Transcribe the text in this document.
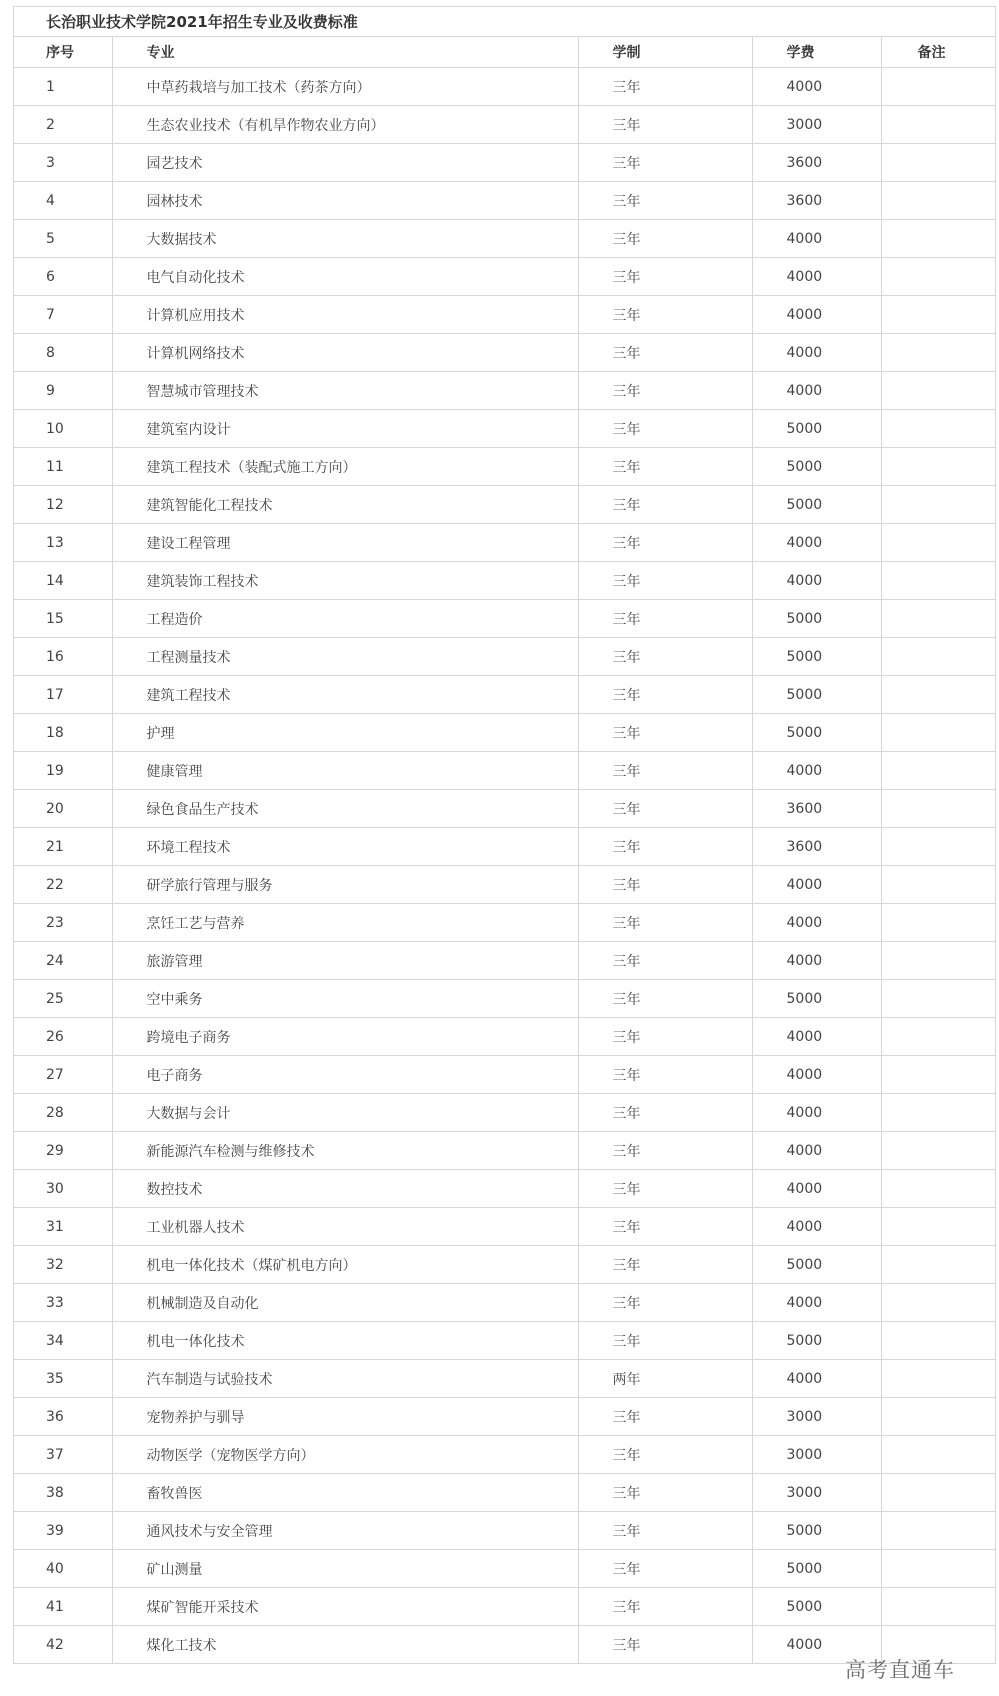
长治职业技术学院2021年招生专业及收费标准
序号	专业	学制	学费	备注
1	中草药栽培与加工技术（药茶方向）	三年	4000	
2	生态农业技术（有机旱作物农业方向）	三年	3000	
3	园艺技术	三年	3600	
4	园林技术	三年	3600	
5	大数据技术	三年	4000	
6	电气自动化技术	三年	4000	
7	计算机应用技术	三年	4000	
8	计算机网络技术	三年	4000	
9	智慧城市管理技术	三年	4000	
10	建筑室内设计	三年	5000	
11	建筑工程技术（装配式施工方向）	三年	5000	
12	建筑智能化工程技术	三年	5000	
13	建设工程管理	三年	4000	
14	建筑装饰工程技术	三年	4000	
15	工程造价	三年	5000	
16	工程测量技术	三年	5000	
17	建筑工程技术	三年	5000	
18	护理	三年	5000	
19	健康管理	三年	4000	
20	绿色食品生产技术	三年	3600	
21	环境工程技术	三年	3600	
22	研学旅行管理与服务	三年	4000	
23	烹饪工艺与营养	三年	4000	
24	旅游管理	三年	4000	
25	空中乘务	三年	5000	
26	跨境电子商务	三年	4000	
27	电子商务	三年	4000	
28	大数据与会计	三年	4000	
29	新能源汽车检测与维修技术	三年	4000	
30	数控技术	三年	4000	
31	工业机器人技术	三年	4000	
32	机电一体化技术（煤矿机电方向）	三年	5000	
33	机械制造及自动化	三年	4000	
34	机电一体化技术	三年	5000	
35	汽车制造与试验技术	两年	4000	
36	宠物养护与驯导	三年	3000	
37	动物医学（宠物医学方向）	三年	3000	
38	畜牧兽医	三年	3000	
39	通风技术与安全管理	三年	5000	
40	矿山测量	三年	5000	
41	煤矿智能开采技术	三年	5000	
42	煤化工技术	三年	4000	
高考直通车
